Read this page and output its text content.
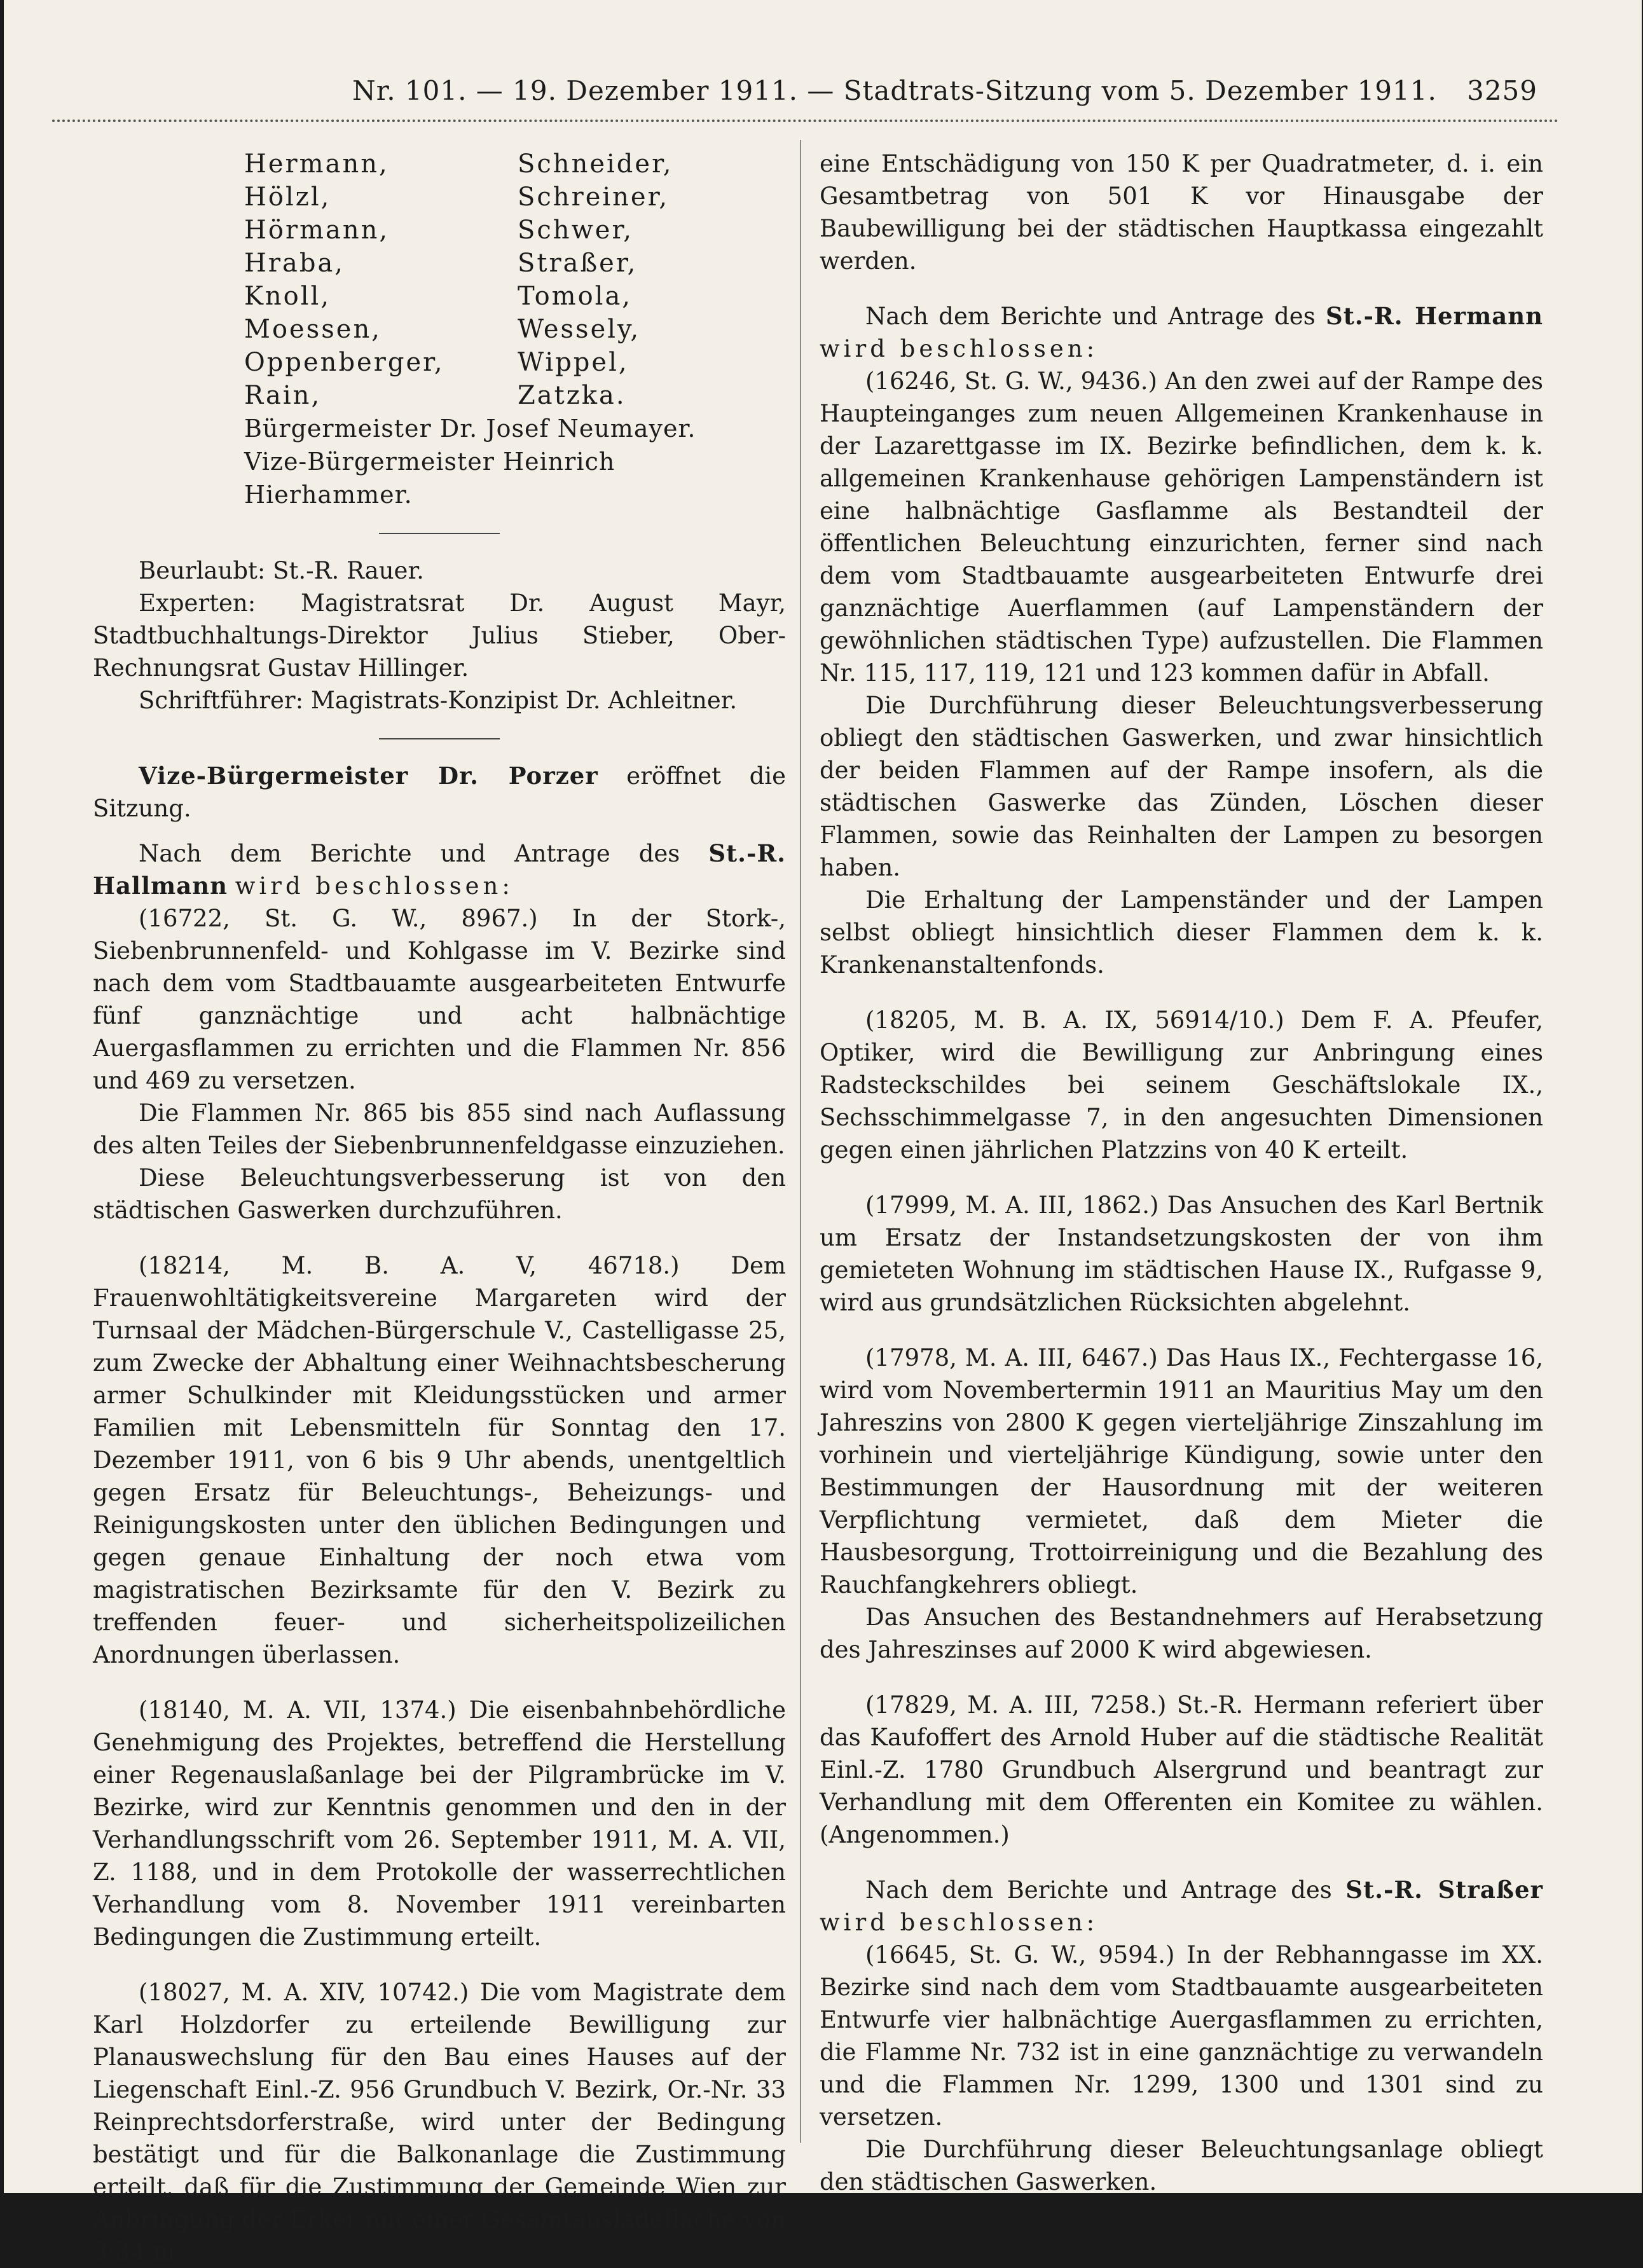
Nr. 101. — 19. Dezember 1911. — Stadtrats-Sitzung vom 5. Dezember 1911. 3259
Hermann,	Schneider,
Hölzl,	Schreiner,
Hörmann,	Schwer,
Hraba,	Straßer,
Knoll,	Tomola,
Moessen,	Wessely,
Oppenberger,	Wippel,
Rain,	Zatzka.
Bürgermeister Dr. Josef Neumayer.
Vize-Bürgermeister Heinrich Hierhammer.

Beurlaubt: St.-R. Rauer.

Experten: Magistratsrat Dr. August Mayr, Stadtbuchhaltungs-Direktor Julius Stieber, Ober-Rechnungsrat Gustav Hillinger.

Schriftführer: Magistrats-Konzipist Dr. Achleitner.

Vize-Bürgermeister Dr. Porzer eröffnet die Sitzung.

Nach dem Berichte und Antrage des St.-R. Hallmann wird beschlossen:

(16722, St. G. W., 8967.) In der Stork-, Siebenbrunnenfeld- und Kohlgasse im V. Bezirke sind nach dem vom Stadtbauamte ausgearbeiteten Entwurfe fünf ganznächtige und acht halbnächtige Auergasflammen zu errichten und die Flammen Nr. 856 und 469 zu versetzen.

Die Flammen Nr. 865 bis 855 sind nach Auflassung des alten Teiles der Siebenbrunnenfeldgasse einzuziehen.

Diese Beleuchtungsverbesserung ist von den städtischen Gaswerken durchzuführen.

(18214, M. B. A. V, 46718.) Dem Frauenwohltätigkeitsvereine Margareten wird der Turnsaal der Mädchen-Bürgerschule V., Castelligasse 25, zum Zwecke der Abhaltung einer Weihnachtsbescherung armer Schulkinder mit Kleidungsstücken und armer Familien mit Lebensmitteln für Sonntag den 17. Dezember 1911, von 6 bis 9 Uhr abends, unentgeltlich gegen Ersatz für Beleuchtungs-, Beheizungs- und Reinigungskosten unter den üblichen Bedingungen und gegen genaue Einhaltung der noch etwa vom magistratischen Bezirksamte für den V. Bezirk zu treffenden feuer- und sicherheitspolizeilichen Anordnungen überlassen.

(18140, M. A. VII, 1374.) Die eisenbahnbehördliche Genehmigung des Projektes, betreffend die Herstellung einer Regenauslaßanlage bei der Pilgrambrücke im V. Bezirke, wird zur Kenntnis genommen und den in der Verhandlungsschrift vom 26. September 1911, M. A. VII, Z. 1188, und in dem Protokolle der wasserrechtlichen Verhandlung vom 8. November 1911 vereinbarten Bedingungen die Zustimmung erteilt.

(18027, M. A. XIV, 10742.) Die vom Magistrate dem Karl Holzdorfer zu erteilende Bewilligung zur Planauswechslung für den Bau eines Hauses auf der Liegenschaft Einl.-Z. 956 Grundbuch V. Bezirk, Or.-Nr. 33 Reinprechtsdorferstraße, wird unter der Bedingung bestätigt und für die Balkonanlage die Zustimmung erteilt, daß für die Zustimmung der Gemeinde Wien zur Anbringung der Erker mit einer Gesamtausladefläche von 3·34 m²

eine Entschädigung von 150 K per Quadratmeter, d. i. ein Gesamtbetrag von 501 K vor Hinausgabe der Baubewilligung bei der städtischen Hauptkassa eingezahlt werden.

Nach dem Berichte und Antrage des St.-R. Hermann wird beschlossen:

(16246, St. G. W., 9436.) An den zwei auf der Rampe des Haupteinganges zum neuen Allgemeinen Krankenhause in der Lazarettgasse im IX. Bezirke befindlichen, dem k. k. allgemeinen Krankenhause gehörigen Lampenständern ist eine halbnächtige Gasflamme als Bestandteil der öffentlichen Beleuchtung einzurichten, ferner sind nach dem vom Stadtbauamte ausgearbeiteten Entwurfe drei ganznächtige Auerflammen (auf Lampenständern der gewöhnlichen städtischen Type) aufzustellen. Die Flammen Nr. 115, 117, 119, 121 und 123 kommen dafür in Abfall.

Die Durchführung dieser Beleuchtungsverbesserung obliegt den städtischen Gaswerken, und zwar hinsichtlich der beiden Flammen auf der Rampe insofern, als die städtischen Gaswerke das Zünden, Löschen dieser Flammen, sowie das Reinhalten der Lampen zu besorgen haben.

Die Erhaltung der Lampenständer und der Lampen selbst obliegt hinsichtlich dieser Flammen dem k. k. Krankenanstaltenfonds.

(18205, M. B. A. IX, 56914/10.) Dem F. A. Pfeufer, Optiker, wird die Bewilligung zur Anbringung eines Radsteckschildes bei seinem Geschäftslokale IX., Sechsschimmelgasse 7, in den angesuchten Dimensionen gegen einen jährlichen Platzzins von 40 K erteilt.

(17999, M. A. III, 1862.) Das Ansuchen des Karl Bertnik um Ersatz der Instandsetzungskosten der von ihm gemieteten Wohnung im städtischen Hause IX., Rufgasse 9, wird aus grundsätzlichen Rücksichten abgelehnt.

(17978, M. A. III, 6467.) Das Haus IX., Fechtergasse 16, wird vom Novembertermin 1911 an Mauritius May um den Jahreszins von 2800 K gegen vierteljährige Zinszahlung im vorhinein und vierteljährige Kündigung, sowie unter den Bestimmungen der Hausordnung mit der weiteren Verpflichtung vermietet, daß dem Mieter die Hausbesorgung, Trottoirreinigung und die Bezahlung des Rauchfangkehrers obliegt.

Das Ansuchen des Bestandnehmers auf Herabsetzung des Jahreszinses auf 2000 K wird abgewiesen.

(17829, M. A. III, 7258.) St.-R. Hermann referiert über das Kaufoffert des Arnold Huber auf die städtische Realität Einl.-Z. 1780 Grundbuch Alsergrund und beantragt zur Verhandlung mit dem Offerenten ein Komitee zu wählen. (Angenommen.)

Nach dem Berichte und Antrage des St.-R. Straßer wird beschlossen:

(16645, St. G. W., 9594.) In der Rebhanngasse im XX. Bezirke sind nach dem vom Stadtbauamte ausgearbeiteten Entwurfe vier halbnächtige Auergasflammen zu errichten, die Flamme Nr. 732 ist in eine ganznächtige zu verwandeln und die Flammen Nr. 1299, 1300 und 1301 sind zu versetzen.

Die Durchführung dieser Beleuchtungsanlage obliegt den städtischen Gaswerken.
